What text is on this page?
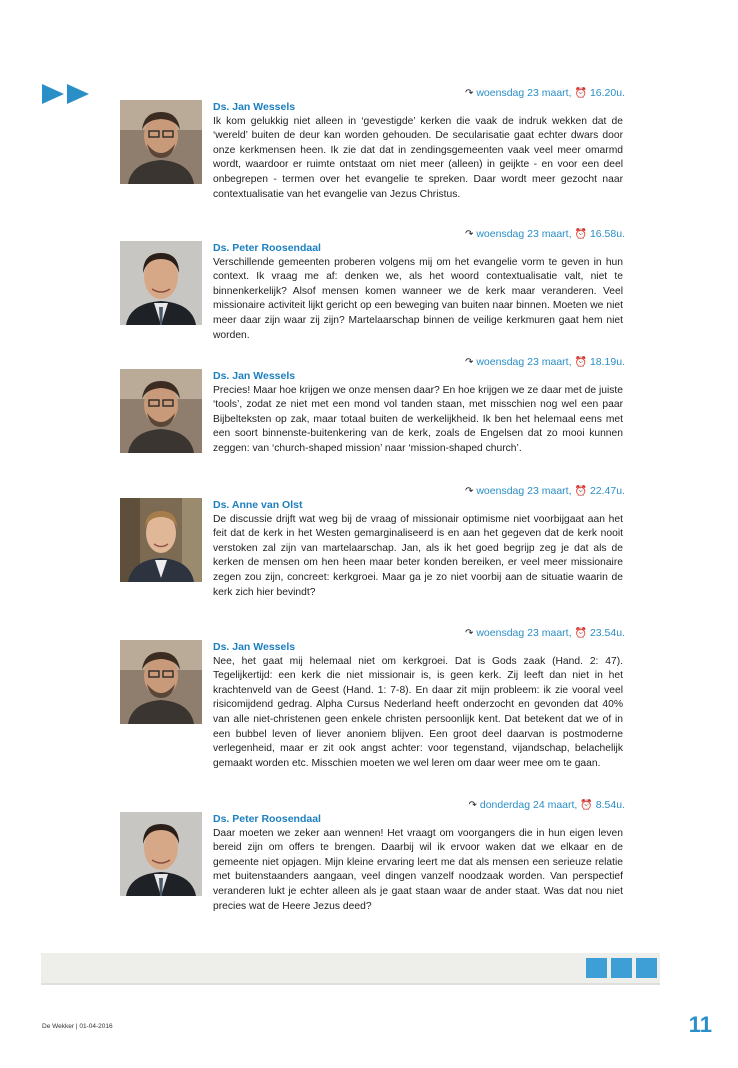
↷ woensdag 23 maart, ⏰ 16.20u.
Ds. Jan Wessels

Ik kom gelukkig niet alleen in ‘gevestigde’ kerken die vaak de indruk wekken dat de ‘wereld’ buiten de deur kan worden gehouden. De secularisatie gaat echter dwars door onze kerkmensen heen. Ik zie dat dat in zendingsgemeenten vaak veel meer omarmd wordt, waardoor er ruimte ontstaat om niet meer (alleen) in geijkte - en voor een deel onbegrepen - termen over het evangelie te spreken. Daar wordt meer gezocht naar contextualisatie van het evangelie van Jezus Christus.

↷ woensdag 23 maart, ⏰ 16.58u.
Ds. Peter Roosendaal

Verschillende gemeenten proberen volgens mij om het evangelie vorm te geven in hun context. Ik vraag me af: denken we, als het woord contextualisatie valt, niet te binnenkerkelijk? Alsof mensen komen wanneer we de kerk maar veranderen. Veel missionaire activiteit lijkt gericht op een beweging van buiten naar binnen. Moeten we niet meer daar zijn waar zij zijn? Martelaarschap binnen de veilige kerkmuren gaat hem niet worden.

↷ woensdag 23 maart, ⏰ 18.19u.
Ds. Jan Wessels

Precies! Maar hoe krijgen we onze mensen daar? En hoe krijgen we ze daar met de juiste ‘tools’, zodat ze niet met een mond vol tanden staan, met misschien nog wel een paar Bijbelteksten op zak, maar totaal buiten de werkelijkheid. Ik ben het helemaal eens met een soort binnenste-buitenkering van de kerk, zoals de Engelsen dat zo mooi kunnen zeggen: van ‘church-shaped mission’ naar ‘mission-shaped church’.

↷ woensdag 23 maart, ⏰ 22.47u.
Ds. Anne van Olst

De discussie drijft wat weg bij de vraag of missionair optimisme niet voorbijgaat aan het feit dat de kerk in het Westen gemarginaliseerd is en aan het gegeven dat de kerk nooit verstoken zal zijn van martelaarschap. Jan, als ik het goed begrijp zeg je dat als de kerken de mensen om hen heen maar beter konden bereiken, er veel meer missionaire zegen zou zijn, concreet: kerkgroei. Maar ga je zo niet voorbij aan de situatie waarin de kerk zich hier bevindt?

↷ woensdag 23 maart, ⏰ 23.54u.
Ds. Jan Wessels

Nee, het gaat mij helemaal niet om kerkgroei. Dat is Gods zaak (Hand. 2: 47). Tegelijkertijd: een kerk die niet missionair is, is geen kerk. Zij leeft dan niet in het krachtenveld van de Geest (Hand. 1: 7-8). En daar zit mijn probleem: ik zie vooral veel risicomijdend gedrag. Alpha Cursus Nederland heeft onderzocht en gevonden dat 40% van alle niet-christenen geen enkele christen persoonlijk kent. Dat betekent dat we of in een bubbel leven of liever anoniem blijven. Een groot deel daarvan is postmoderne verlegenheid, maar er zit ook angst achter: voor tegenstand, vijandschap, belachelijk gemaakt worden etc. Misschien moeten we wel leren om daar weer mee om te gaan.

↷ donderdag 24 maart, ⏰ 8.54u.
Ds. Peter Roosendaal

Daar moeten we zeker aan wennen! Het vraagt om voorgangers die in hun eigen leven bereid zijn om offers te brengen. Daarbij wil ik ervoor waken dat we elkaar en de gemeente niet opjagen. Mijn kleine ervaring leert me dat als mensen een serieuze relatie met buitenstaanders aangaan, veel dingen vanzelf noodzaak worden. Van perspectief veranderen lukt je echter alleen als je gaat staan waar de ander staat. Was dat nou niet precies wat de Heere Jezus deed?

De Wekker | 01-04-2016	11
